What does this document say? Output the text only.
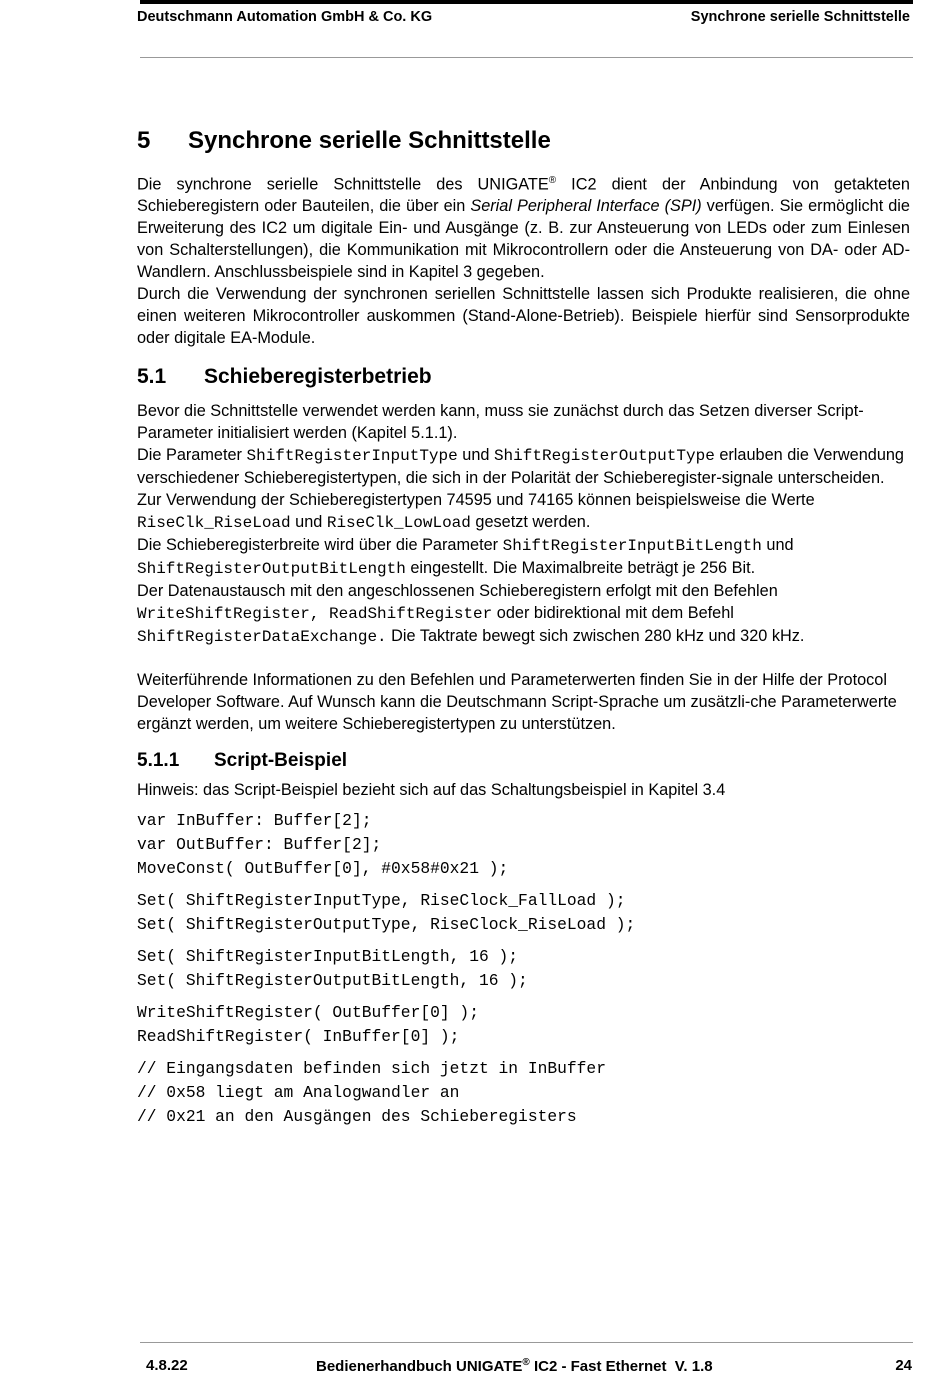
Deutschmann Automation GmbH & Co. KG	Synchrone serielle Schnittstelle
5 Synchrone serielle Schnittstelle

Die synchrone serielle Schnittstelle des UNIGATE® IC2 dient der Anbindung von getakteten Schieberegistern oder Bauteilen, die über ein Serial Peripheral Interface (SPI) verfügen. Sie ermöglicht die Erweiterung des IC2 um digitale Ein- und Ausgänge (z. B. zur Ansteuerung von LEDs oder zum Einlesen von Schalterstellungen), die Kommunikation mit Mikrocontrollern oder die Ansteuerung von DA- oder AD-Wandlern. Anschlussbeispiele sind in Kapitel 3 gegeben.

Durch die Verwendung der synchronen seriellen Schnittstelle lassen sich Produkte realisieren, die ohne einen weiteren Mikrocontroller auskommen (Stand-Alone-Betrieb). Beispiele hierfür sind Sensorprodukte oder digitale EA-Module.

5.1 Schieberegisterbetrieb

Bevor die Schnittstelle verwendet werden kann, muss sie zunächst durch das Setzen diverser Script-Parameter initialisiert werden (Kapitel 5.1.1).

Die Parameter ShiftRegisterInputType und ShiftRegisterOutputType erlauben die Verwendung verschiedener Schieberegistertypen, die sich in der Polarität der Schieberegister-signale unterscheiden. Zur Verwendung der Schieberegistertypen 74595 und 74165 können beispielsweise die Werte RiseClk_RiseLoad und RiseClk_LowLoad gesetzt werden.

Die Schieberegisterbreite wird über die Parameter ShiftRegisterInputBitLength und
ShiftRegisterOutputBitLength eingestellt. Die Maximalbreite beträgt je 256 Bit.

Der Datenaustausch mit den angeschlossenen Schieberegistern erfolgt mit den Befehlen
WriteShiftRegister, ReadShiftRegister oder bidirektional mit dem Befehl
ShiftRegisterDataExchange. Die Taktrate bewegt sich zwischen 280 kHz und 320 kHz.

Weiterführende Informationen zu den Befehlen und Parameterwerten finden Sie in der Hilfe der Protocol Developer Software. Auf Wunsch kann die Deutschmann Script-Sprache um zusätzli-che Parameterwerte ergänzt werden, um weitere Schieberegistertypen zu unterstützen.

5.1.1 Script-Beispiel

Hinweis: das Script-Beispiel bezieht sich auf das Schaltungsbeispiel in Kapitel 3.4

var InBuffer: Buffer[2];
var OutBuffer: Buffer[2];
MoveConst( OutBuffer[0], #0x58#0x21 );
Set( ShiftRegisterInputType, RiseClock_FallLoad );
Set( ShiftRegisterOutputType, RiseClock_RiseLoad );
Set( ShiftRegisterInputBitLength, 16 );
Set( ShiftRegisterOutputBitLength, 16 );
WriteShiftRegister( OutBuffer[0] );
ReadShiftRegister( InBuffer[0] );
// Eingangsdaten befinden sich jetzt in InBuffer
// 0x58 liegt am Analogwandler an
// 0x21 an den Ausgängen des Schieberegisters
4.8.22	Bedienerhandbuch UNIGATE® IC2 - Fast Ethernet  V. 1.8	24
